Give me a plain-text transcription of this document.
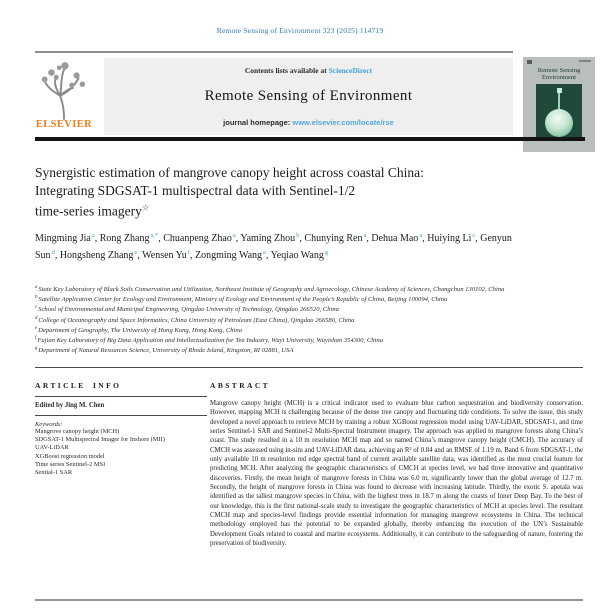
Remote Sensing of Environment 323 (2025) 114719
ELSEVIER
Contents lists available at ScienceDirect
Remote Sensing of Environment
journal homepage: www.elsevier.com/locate/rse
Remote Sensing
Environment
Synergistic estimation of mangrove canopy height across coastal China:
Integrating SDGSAT-1 multispectral data with Sentinel-1/2
time-series imagery☆
Mingming Jia$^a$, Rong Zhang$^{a,*}$, Chuanpeng Zhao$^a$, Yaming Zhou$^b$, Chunying Ren$^a$, Dehua Mao$^a$, Huiying Li$^c$, Genyun Sun$^d$, Hongsheng Zhang$^e$, Wensen Yu$^f$, Zongming Wang$^a$, Yeqiao Wang$^g$
$^a$State Key Laboratory of Black Soils Conservation and Utilization, Northeast Institute of Geography and Agroecology, Chinese Academy of Sciences, Changchun 130102, China
$^b$Satellite Application Center for Ecology and Environment, Ministry of Ecology and Environment of the People’s Republic of China, Beijing 100094, China
$^c$School of Environmental and Municipal Engineering, Qingdao University of Technology, Qingdao 266520, China
$^d$College of Oceanography and Space Informatics, China University of Petroleum (East China), Qingdao 266580, China
$^e$Department of Geography, The University of Hong Kong, Hong Kong, China
$^f$Fujian Key Laboratory of Big Data Application and Intellectualization for Tea Industry, Wuyi University, Wuyishan 354300, China
$^g$Department of Natural Resources Science, University of Rhode Island, Kingston, RI 02881, USA
ARTICLE INFO
Edited by Jing M. Chen
Keywords:
Mangrove canopy height (MCH)
SDGSAT-1 Multispectral Imager for Inshore (MII)
UAV-LiDAR
XGBoost regression model
Time series Sentinel-2 MSI
Sential-1 SAR
ABSTRACT
Mangrove canopy height (MCH) is a critical indicator used to evaluate blue carbon sequestration and biodiversity conservation. However, mapping MCH is challenging because of the dense tree canopy and fluctuating tide conditions. To solve the issue, this study developed a novel approach to retrieve MCH by training a robust XGBoost regression model using UAV-LiDAR, SDGSAT-1, and time series Sentinel-1 SAR and Sentinel-2 Multi-Spectral Instrument imagery. The approach was applied to mangrove forests along China’s coast. The study resulted in a 10 m resolution MCH map and so named China’s mangrove canopy height (CMCH). The accuracy of CMCH was assessed using in-situ and UAV-LiDAR data, achieving an R² of 0.84 and an RMSE of 1.19 m. Band 6 from SDGSAT-1, the only available 10 m resolution red edge spectral band of current available satellite data, was identified as the most crucial feature for predicting MCH. After analyzing the geographic characteristics of CMCH at species level, we had three innovative and quantitative discoveries. Firstly, the mean height of mangrove forests in China was 6.0 m, significantly lower than the global average of 12.7 m. Secondly, the height of mangrove forests in China was found to decrease with increasing latitude. Thirdly, the exotic S. apetala was identified as the tallest mangrove species in China, with the highest trees in 18.7 m along the coasts of Inner Deep Bay. To the best of our knowledge, this is the first national-scale study to investigate the geographic characteristics of MCH at species level. The resultant CMCH map and species-level findings provide essential information for managing mangrove ecosystems in China. The technical methodology employed has the potential to be expanded globally, thereby enhancing the execution of the UN’s Sustainable Development Goals related to coastal and marine ecosystems. Additionally, it can contribute to the safeguarding of nature, fostering the preservation of biodiversity.
